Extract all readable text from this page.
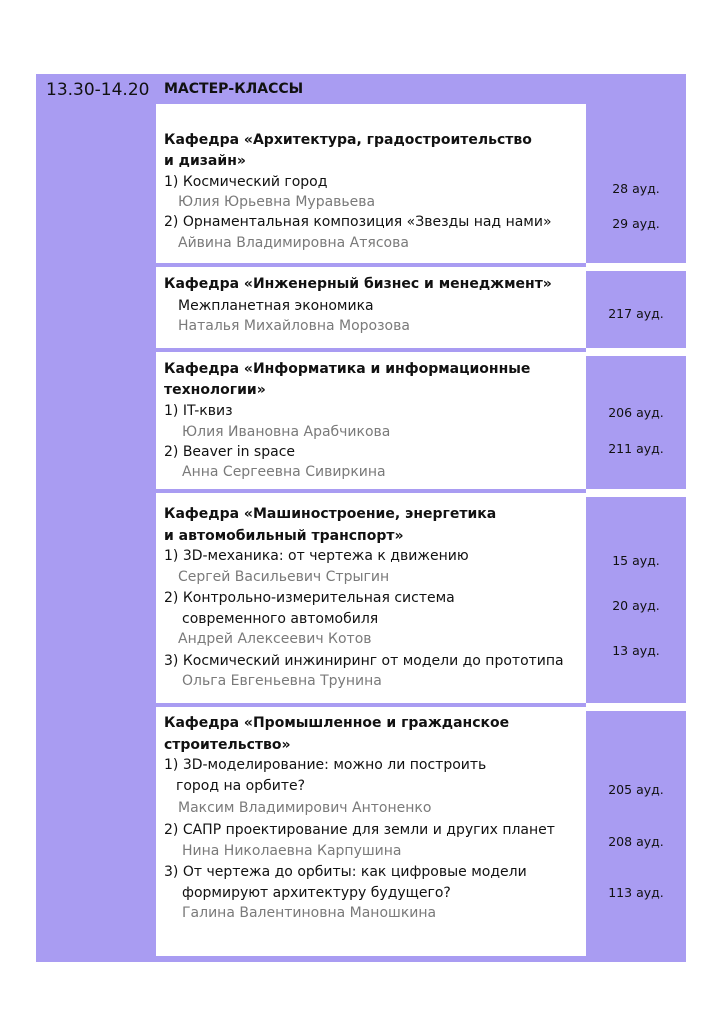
13.30-14.20 МАСТЕР-КЛАССЫ
Кафедра «Архитектура, градостроительство
и дизайн»
1) Космический город
Юлия Юрьевна Муравьева
2) Орнаментальная композиция «Звезды над нами»
Айвина Владимировна Атясова
28 ауд.
29 ауд.
Кафедра «Инженерный бизнес и менеджмент»
Межпланетная экономика
Наталья Михайловна Морозова
217 ауд.
Кафедра «Информатика и информационные
технологии»
1) IT-квиз
Юлия Ивановна Арабчикова
2) Beaver in space
Анна Сергеевна Сивиркина
206 ауд.
211 ауд.
Кафедра «Машиностроение, энергетика
и автомобильный транспорт»
1) 3D-механика: от чертежа к движению
Сергей Васильевич Стрыгин
2) Контрольно-измерительная система
современного автомобиля
Андрей Алексеевич Котов
3) Космический инжиниринг от модели до прототипа
Ольга Евгеньевна Трунина
15 ауд.
20 ауд.
13 ауд.
Кафедра «Промышленное и гражданское
строительство»
1) 3D-моделирование: можно ли построить
город на орбите?
Максим Владимирович Антоненко
2) САПР проектирование для земли и других планет
Нина Николаевна Карпушина
3) От чертежа до орбиты: как цифровые модели
формируют архитектуру будущего?
Галина Валентиновна Маношкина
205 ауд.
208 ауд.
113 ауд.
